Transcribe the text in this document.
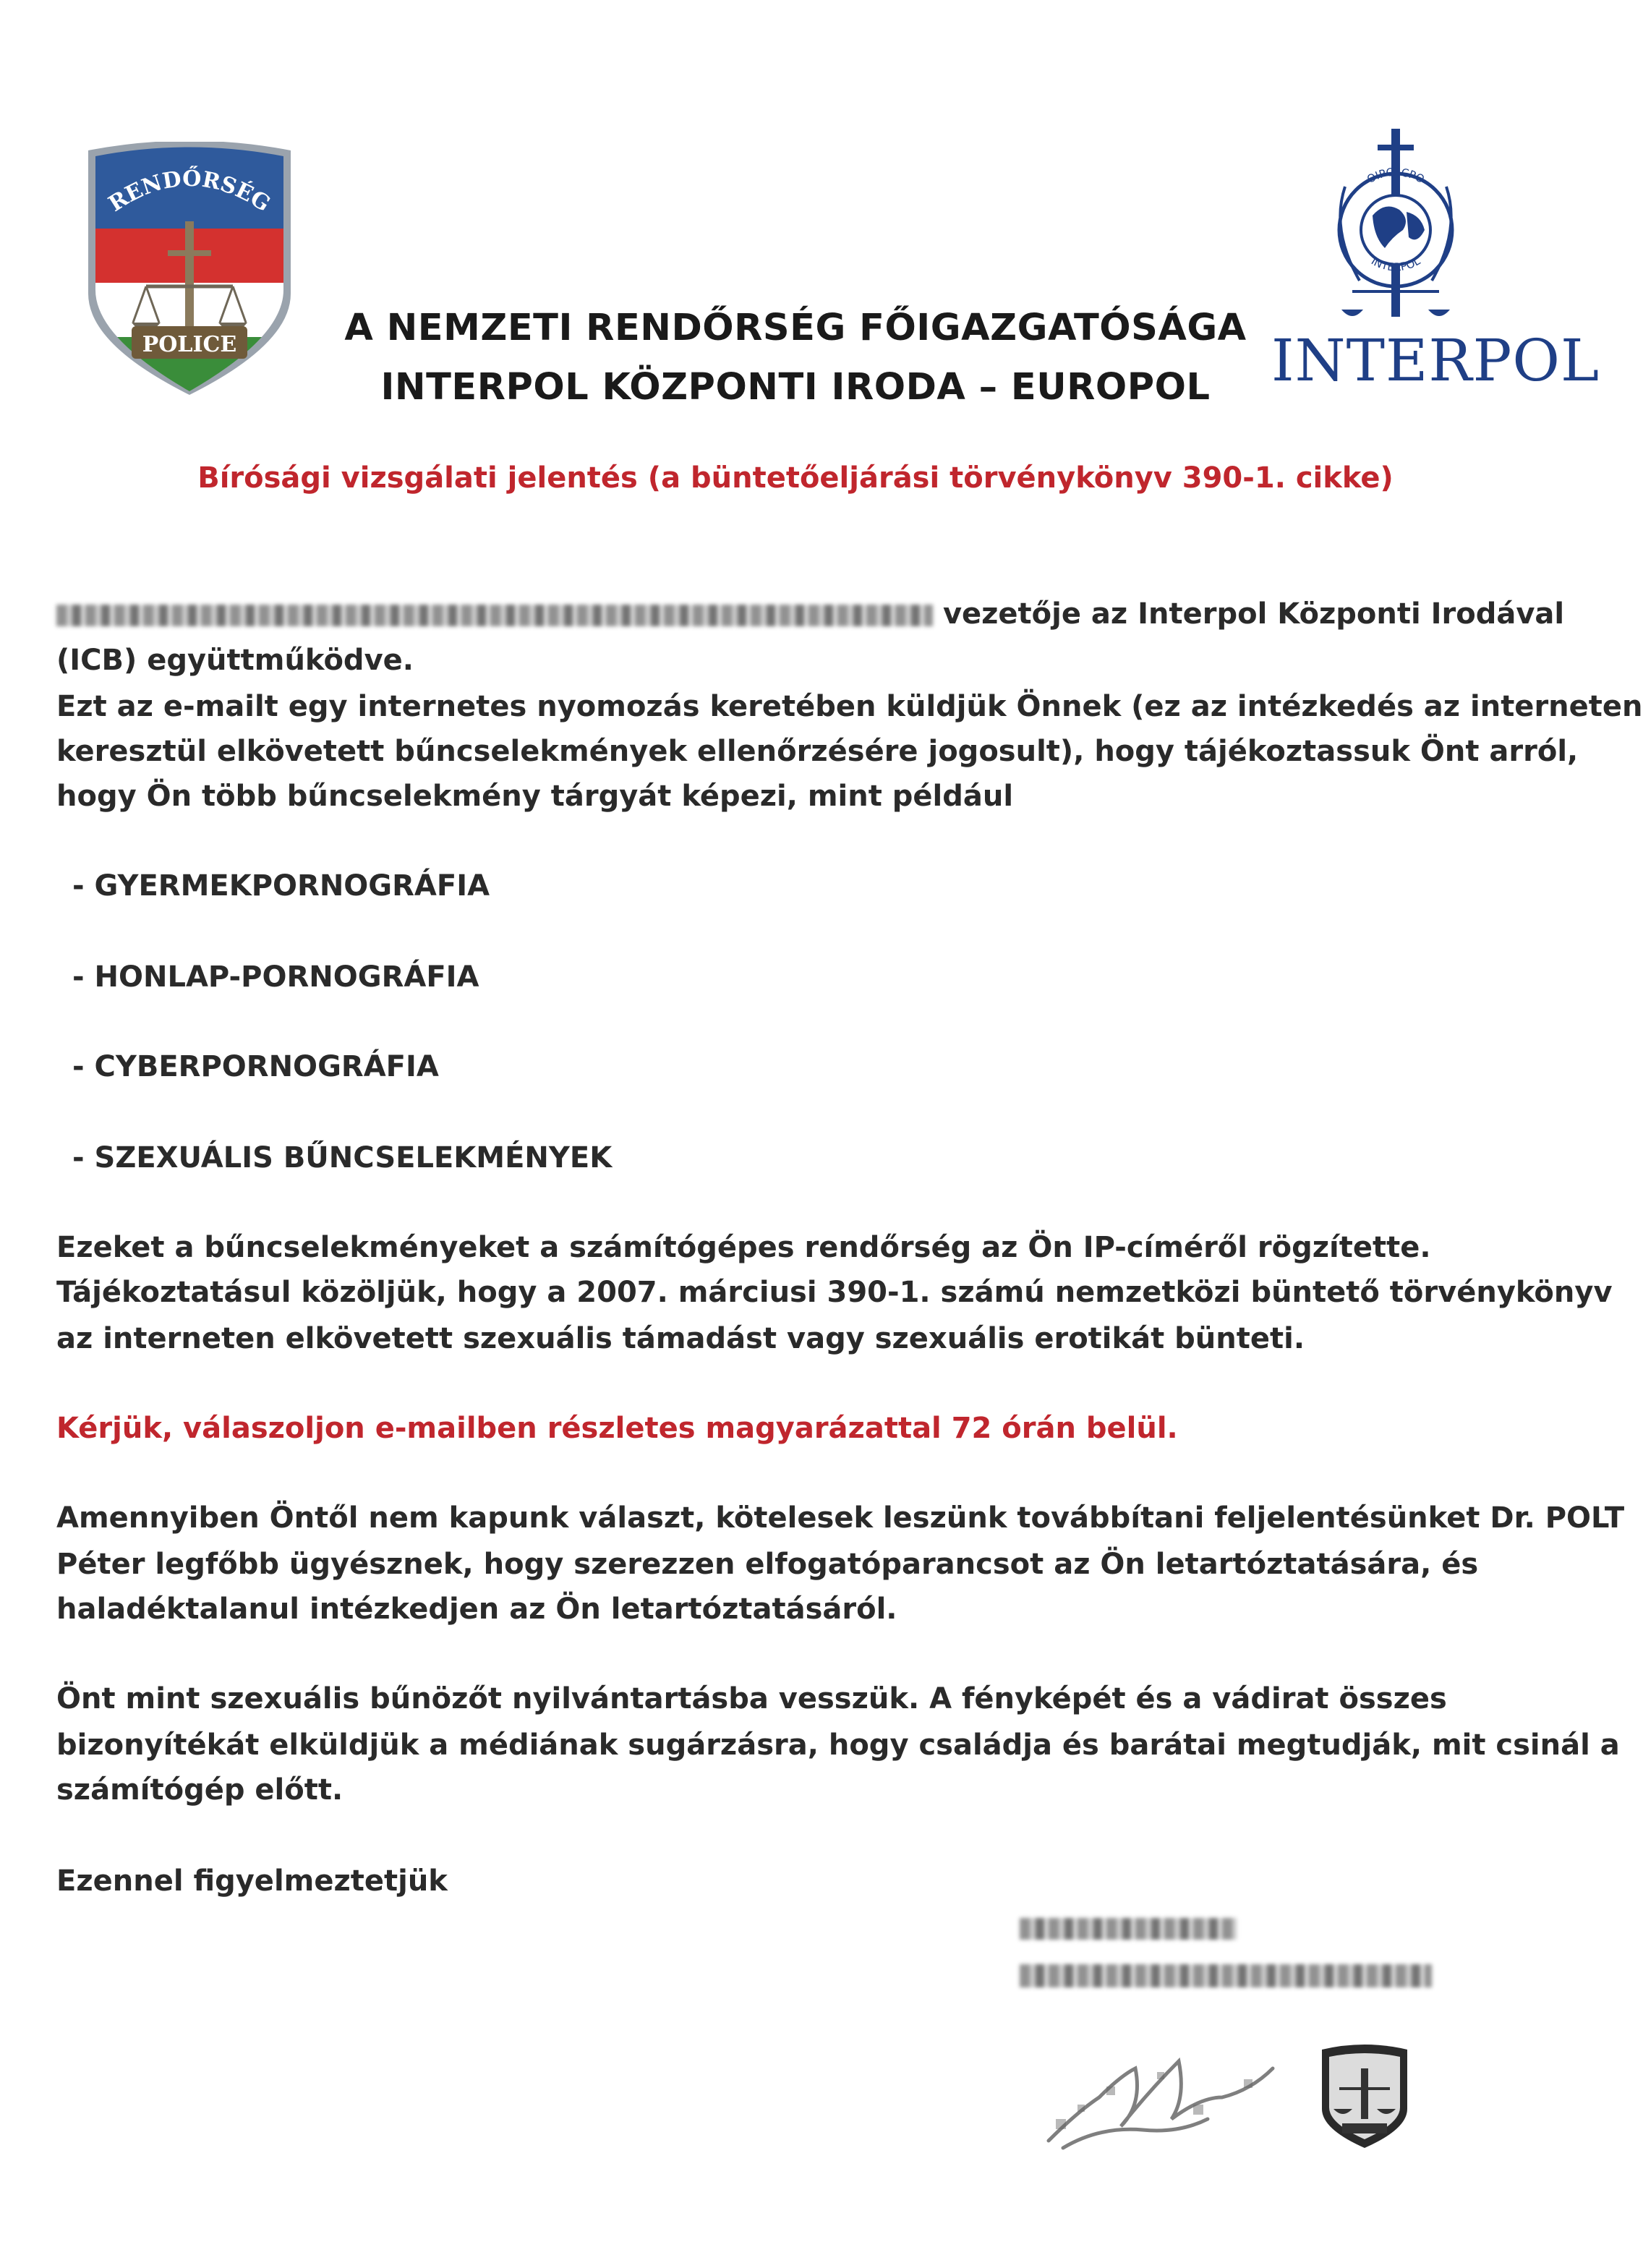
RENDŐRSÉG
POLICE
OIPC ICPO
INTERPOL
INTERPOL
A NEMZETI RENDŐRSÉG FŐIGAZGATÓSÁGA
INTERPOL KÖZPONTI IRODA – EUROPOL
Bírósági vizsgálati jelentés (a büntetőeljárási törvénykönyv 390-1. cikke)
vezetője az Interpol Központi Irodával
(ICB) együttműködve.
Ezt az e-mailt egy internetes nyomozás keretében küldjük Önnek (ez az intézkedés az interneten
keresztül elkövetett bűncselekmények ellenőrzésére jogosult), hogy tájékoztassuk Önt arról,
hogy Ön több bűncselekmény tárgyát képezi, mint például
- GYERMEKPORNOGRÁFIA
- HONLAP-PORNOGRÁFIA
- CYBERPORNOGRÁFIA
- SZEXUÁLIS BŰNCSELEKMÉNYEK
Ezeket a bűncselekményeket a számítógépes rendőrség az Ön IP-címéről rögzítette.
Tájékoztatásul közöljük, hogy a 2007. márciusi 390-1. számú nemzetközi büntető törvénykönyv
az interneten elkövetett szexuális támadást vagy szexuális erotikát bünteti.
Kérjük, válaszoljon e-mailben részletes magyarázattal 72 órán belül.
Amennyiben Öntől nem kapunk választ, kötelesek leszünk továbbítani feljelentésünket Dr. POLT
Péter legfőbb ügyésznek, hogy szerezzen elfogatóparancsot az Ön letartóztatására, és
haladéktalanul intézkedjen az Ön letartóztatásáról.
Önt mint szexuális bűnözőt nyilvántartásba vesszük. A fényképét és a vádirat összes
bizonyítékát elküldjük a médiának sugárzásra, hogy családja és barátai megtudják, mit csinál a
számítógép előtt.
Ezennel figyelmeztetjük
